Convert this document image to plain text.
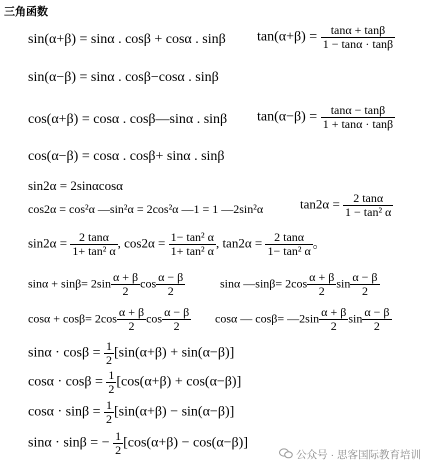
三角函数
sin(α+β) = sinα . cosβ + cosα . sinβ $\tan(\alpha+\beta) = \frac{\tan\alpha + \tan\beta}{1 - \tan\alpha \cdot \tan\beta}$
sin(α−β) = sinα . cosβ−cosα . sinβ
cos(α+β) = cosα . cosβ—sinα . sinβ $\tan(\alpha-\beta) = \frac{\tan\alpha - \tan\beta}{1 + \tan\alpha \cdot \tan\beta}$
cos(α−β) = cosα . cosβ+ sinα . sinβ
sin2α = 2sinαcosα
cos2α = cos²α —sin²α = 2cos²α —1 = 1 —2sin²α	$\tan 2\alpha = \frac{2 \tan\alpha}{\text{1 − tan² α}}$
$\sin 2\alpha = \frac{2 \tan\alpha}{\text{1+ tan² α}}$ , $\cos 2\alpha = \frac{\text{1− tan² α}}{\text{1+ tan² α}}$ , $\tan 2\alpha = \frac{2 \tan\alpha}{\text{1− tan² α}}$ 。
$\sin\alpha + \sin\beta= 2\sin \frac{\alpha + \beta}{2}$ $\cos \frac{\alpha - \beta}{2}$	sinα —sinβ= $2\cos \frac{\alpha + \beta}{2}$ $\sin \frac{\alpha - \beta}{2}$
$\cos\alpha + \cos\beta= 2\cos \frac{\alpha + \beta}{2}$ $\cos \frac{\alpha - \beta}{2}$ cosα — cosβ= —2sin $\frac{\alpha + \beta}{2}$ $\sin \frac{\alpha - \beta}{2}$
$\sin\alpha \cdot \cos\beta = \frac{1}{2} [\sin(\alpha+\beta) + \sin(\alpha-\beta)]$
$\cos\alpha \cdot \cos\beta = \frac{1}{2} [\cos(\alpha+\beta) + \cos(\alpha-\beta)]$
$\cos\alpha \cdot \sin\beta = \frac{1}{2} [\sin(\alpha+\beta) - \sin(\alpha-\beta)]$
sinα · sinβ = − $\frac{1}{2} [\cos(\alpha+\beta) - \cos(\alpha-\beta)]$
公众号 · 思客国际教育培训
